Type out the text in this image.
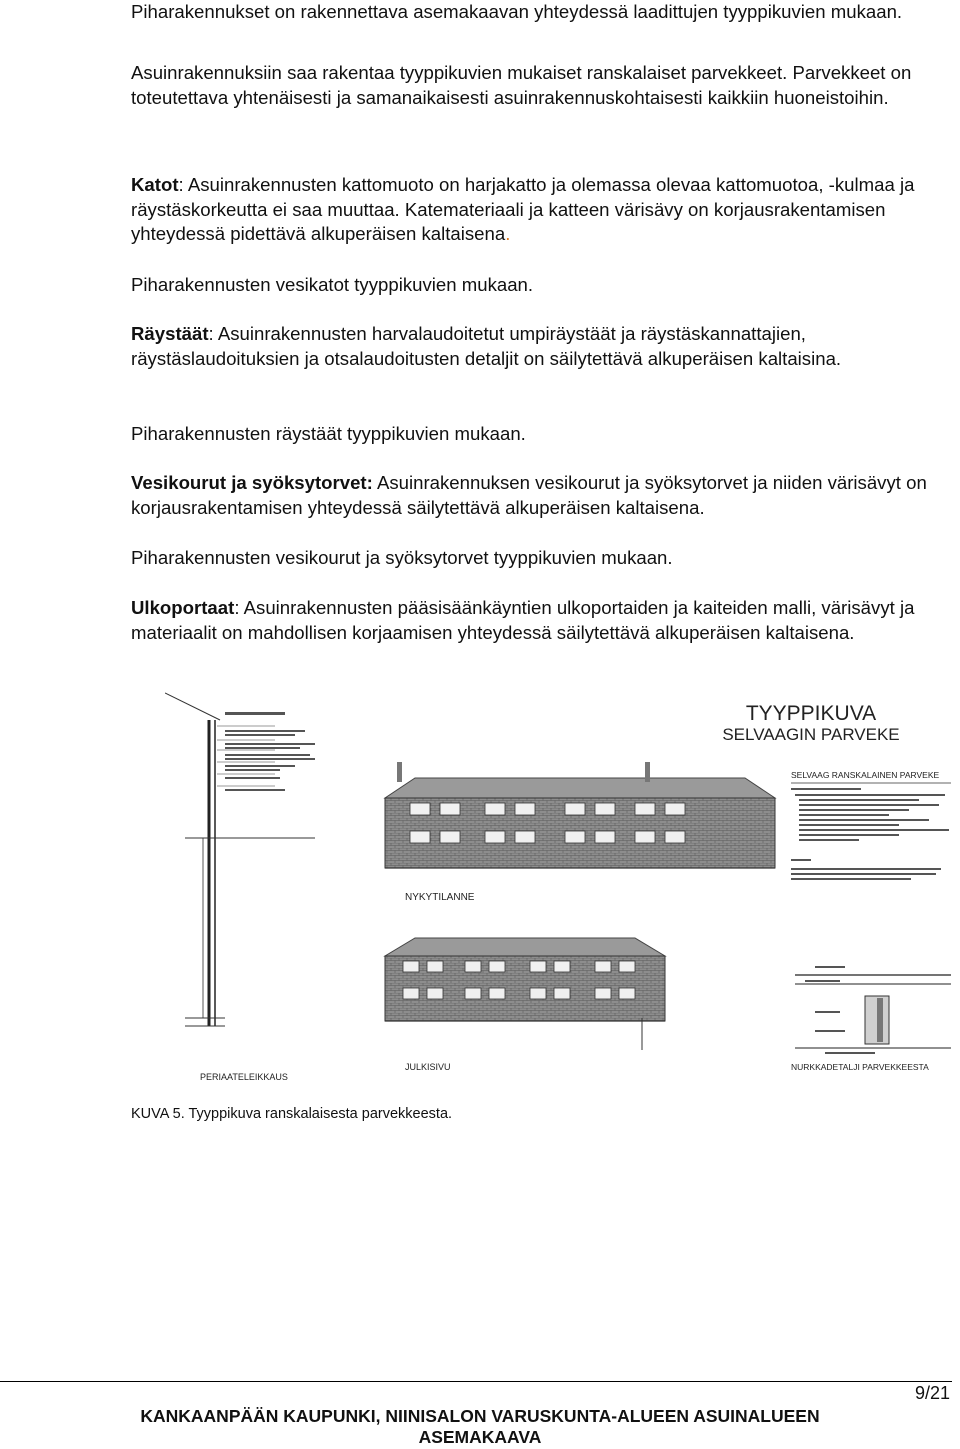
Piharakennukset on rakennettava asemakaavan yhteydessä laadittujen tyyppikuvien mukaan.

Asuinrakennuksiin saa rakentaa tyyppikuvien mukaiset ranskalaiset parvekkeet. Parvekkeet on toteutettava yhtenäisesti ja samanaikaisesti asuinrakennuskohtaisesti kaikkiin huoneistoihin.

Katot: Asuinrakennusten kattomuoto on harjakatto ja olemassa olevaa kattomuotoa, -kulmaa ja räystäskorkeutta ei saa muuttaa. Katemateriaali ja katteen värisävy on korjausrakentamisen yhteydessä pidettävä alkuperäisen kaltaisena.

Piharakennusten vesikatot tyyppikuvien mukaan.

Räystäät: Asuinrakennusten harvalaudoitetut umpiräystäät ja räystäskannattajien, räystäslaudoituksien ja otsalaudoitusten detaljit on säilytettävä alkuperäisen kaltaisina.

Piharakennusten räystäät tyyppikuvien mukaan.

Vesikourut ja syöksytorvet: Asuinrakennuksen vesikourut ja syöksytorvet ja niiden värisävyt on korjausrakentamisen yhteydessä säilytettävä alkuperäisen kaltaisena.

Piharakennusten vesikourut ja syöksytorvet tyyppikuvien mukaan.

Ulkoportaat: Asuinrakennusten pääsisäänkäyntien ulkoportaiden ja kaiteiden malli, värisävyt ja materiaalit on mahdollisen korjaamisen yhteydessä säilytettävä alkuperäisen kaltaisena.

PERIAATELEIKKAUS
TYYPPIKUVA
SELVAAGIN PARVEKE
NYKYTILANNE
JULKISIVU
SELVAAG RANSKALAINEN PARVEKE
NURKKADETALJI PARVEKKEESTA
KUVA 5. Tyyppikuva ranskalaisesta parvekkeesta.
9/21
KANKAANPÄÄN KAUPUNKI, NIINISALON VARUSKUNTA-ALUEEN ASUINALUEEN
ASEMAKAAVA
